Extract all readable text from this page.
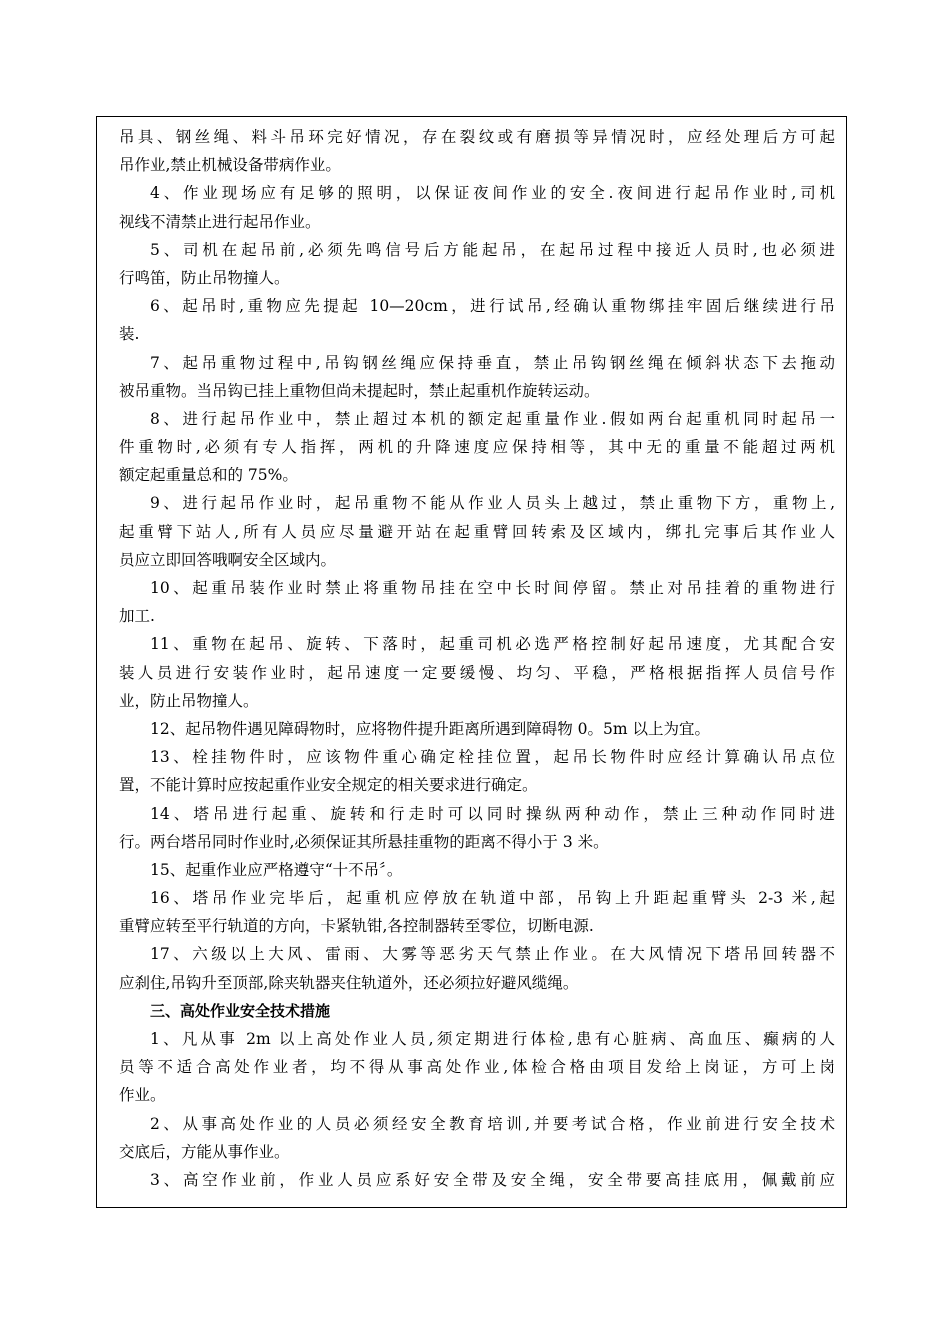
吊具、钢丝绳、料斗吊环完好情况，存在裂纹或有磨损等异情况时，应经处理后方可起
吊作业,禁止机械设备带病作业。
4、作业现场应有足够的照明，以保证夜间作业的安全.夜间进行起吊作业时,司机
视线不清禁止进行起吊作业。
5、司机在起吊前,必须先鸣信号后方能起吊，在起吊过程中接近人员时,也必须进
行鸣笛，防止吊物撞人。
6、起吊时,重物应先提起 10—20cm，进行试吊,经确认重物绑挂牢固后继续进行吊
装.
7、起吊重物过程中,吊钩钢丝绳应保持垂直，禁止吊钩钢丝绳在倾斜状态下去拖动
被吊重物。当吊钩已挂上重物但尚未提起时，禁止起重机作旋转运动。
8、进行起吊作业中，禁止超过本机的额定起重量作业.假如两台起重机同时起吊一
件重物时,必须有专人指挥，两机的升降速度应保持相等，其中无的重量不能超过两机
额定起重量总和的 75%。
9、进行起吊作业时，起吊重物不能从作业人员头上越过，禁止重物下方，重物上,
起重臂下站人,所有人员应尽量避开站在起重臂回转索及区域内，绑扎完事后其作业人
员应立即回答哦啊安全区域内。
10、起重吊装作业时禁止将重物吊挂在空中长时间停留。禁止对吊挂着的重物进行
加工.
11、重物在起吊、旋转、下落时，起重司机必选严格控制好起吊速度，尤其配合安
装人员进行安装作业时，起吊速度一定要缓慢、均匀、平稳，严格根据指挥人员信号作
业，防止吊物撞人。
12、起吊物件遇见障碍物时，应将物件提升距离所遇到障碍物 0。5m 以上为宜。
13、栓挂物件时，应该物件重心确定栓挂位置，起吊长物件时应经计算确认吊点位
置，不能计算时应按起重作业安全规定的相关要求进行确定。
14、塔吊进行起重、旋转和行走时可以同时操纵两种动作，禁止三种动作同时进
行。两台塔吊同时作业时,必须保证其所悬挂重物的距离不得小于 3 米。
15、起重作业应严格遵守“十不吊〞。
16、塔吊作业完毕后，起重机应停放在轨道中部，吊钩上升距起重臂头 2-3 米,起
重臂应转至平行轨道的方向，卡紧轨钳,各控制器转至零位，切断电源.
17、六级以上大风、雷雨、大雾等恶劣天气禁止作业。在大风情况下塔吊回转器不
应刹住,吊钩升至顶部,除夹轨器夹住轨道外，还必须拉好避风缆绳。
三、高处作业安全技术措施
1、凡从事 2m 以上高处作业人员,须定期进行体检,患有心脏病、高血压、癫病的人
员等不适合高处作业者，均不得从事高处作业,体检合格由项目发给上岗证，方可上岗
作业。
2、从事高处作业的人员必须经安全教育培训,并要考试合格，作业前进行安全技术
交底后，方能从事作业。
3、高空作业前，作业人员应系好安全带及安全绳，安全带要高挂底用，佩戴前应
